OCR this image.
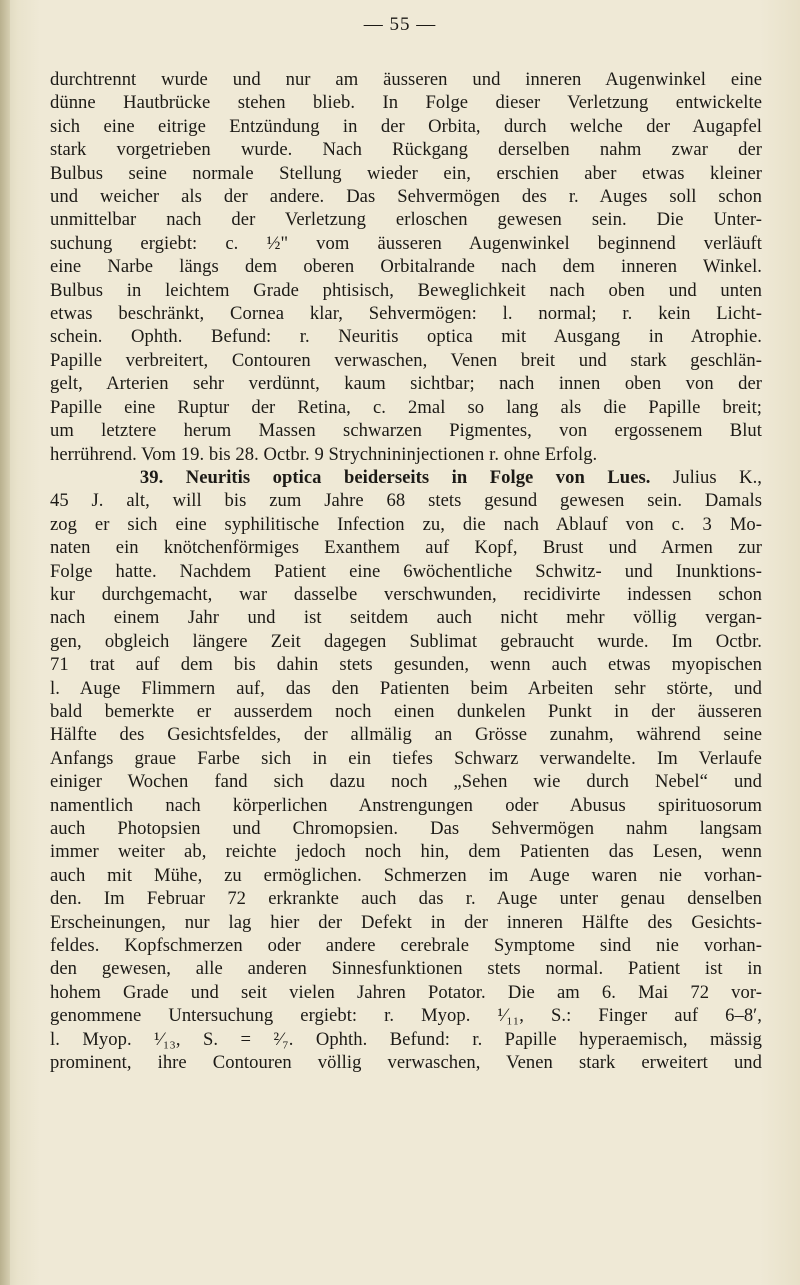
— 55 —
durchtrennt wurde und nur am äusseren und inneren Augenwinkel eine
dünne Hautbrücke stehen blieb. In Folge dieser Verletzung entwickelte
sich eine eitrige Entzündung in der Orbita, durch welche der Augapfel
stark vorgetrieben wurde. Nach Rückgang derselben nahm zwar der
Bulbus seine normale Stellung wieder ein, erschien aber etwas kleiner
und weicher als der andere. Das Sehvermögen des r. Auges soll schon
unmittelbar nach der Verletzung erloschen gewesen sein. Die Unter-
suchung ergiebt: c. ½" vom äusseren Augenwinkel beginnend verläuft
eine Narbe längs dem oberen Orbitalrande nach dem inneren Winkel.
Bulbus in leichtem Grade phtisisch, Beweglichkeit nach oben und unten
etwas beschränkt, Cornea klar, Sehvermögen: l. normal; r. kein Licht-
schein. Ophth. Befund: r. Neuritis optica mit Ausgang in Atrophie.
Papille verbreitert, Contouren verwaschen, Venen breit und stark geschlän-
gelt, Arterien sehr verdünnt, kaum sichtbar; nach innen oben von der
Papille eine Ruptur der Retina, c. 2mal so lang als die Papille breit;
um letztere herum Massen schwarzen Pigmentes, von ergossenem Blut
herrührend. Vom 19. bis 28. Octbr. 9 Strychnininjectionen r. ohne Erfolg.
39. Neuritis optica beiderseits in Folge von Lues. Julius K.,
45 J. alt, will bis zum Jahre 68 stets gesund gewesen sein. Damals
zog er sich eine syphilitische Infection zu, die nach Ablauf von c. 3 Mo-
naten ein knötchenförmiges Exanthem auf Kopf, Brust und Armen zur
Folge hatte. Nachdem Patient eine 6wöchentliche Schwitz- und Inunktions-
kur durchgemacht, war dasselbe verschwunden, recidivirte indessen schon
nach einem Jahr und ist seitdem auch nicht mehr völlig vergan-
gen, obgleich längere Zeit dagegen Sublimat gebraucht wurde. Im Octbr.
71 trat auf dem bis dahin stets gesunden, wenn auch etwas myopischen
l. Auge Flimmern auf, das den Patienten beim Arbeiten sehr störte, und
bald bemerkte er ausserdem noch einen dunkelen Punkt in der äusseren
Hälfte des Gesichtsfeldes, der allmälig an Grösse zunahm, während seine
Anfangs graue Farbe sich in ein tiefes Schwarz verwandelte. Im Verlaufe
einiger Wochen fand sich dazu noch „Sehen wie durch Nebel“ und
namentlich nach körperlichen Anstrengungen oder Abusus spirituosorum
auch Photopsien und Chromopsien. Das Sehvermögen nahm langsam
immer weiter ab, reichte jedoch noch hin, dem Patienten das Lesen, wenn
auch mit Mühe, zu ermöglichen. Schmerzen im Auge waren nie vorhan-
den. Im Februar 72 erkrankte auch das r. Auge unter genau denselben
Erscheinungen, nur lag hier der Defekt in der inneren Hälfte des Gesichts-
feldes. Kopfschmerzen oder andere cerebrale Symptome sind nie vorhan-
den gewesen, alle anderen Sinnesfunktionen stets normal. Patient ist in
hohem Grade und seit vielen Jahren Potator. Die am 6. Mai 72 vor-
genommene Untersuchung ergiebt: r. Myop. ¹⁄₁₁, S.: Finger auf 6–8′,
l. Myop. ¹⁄₁₃, S. = ²⁄₇. Ophth. Befund: r. Papille hyperaemisch, mässig
prominent, ihre Contouren völlig verwaschen, Venen stark erweitert und
